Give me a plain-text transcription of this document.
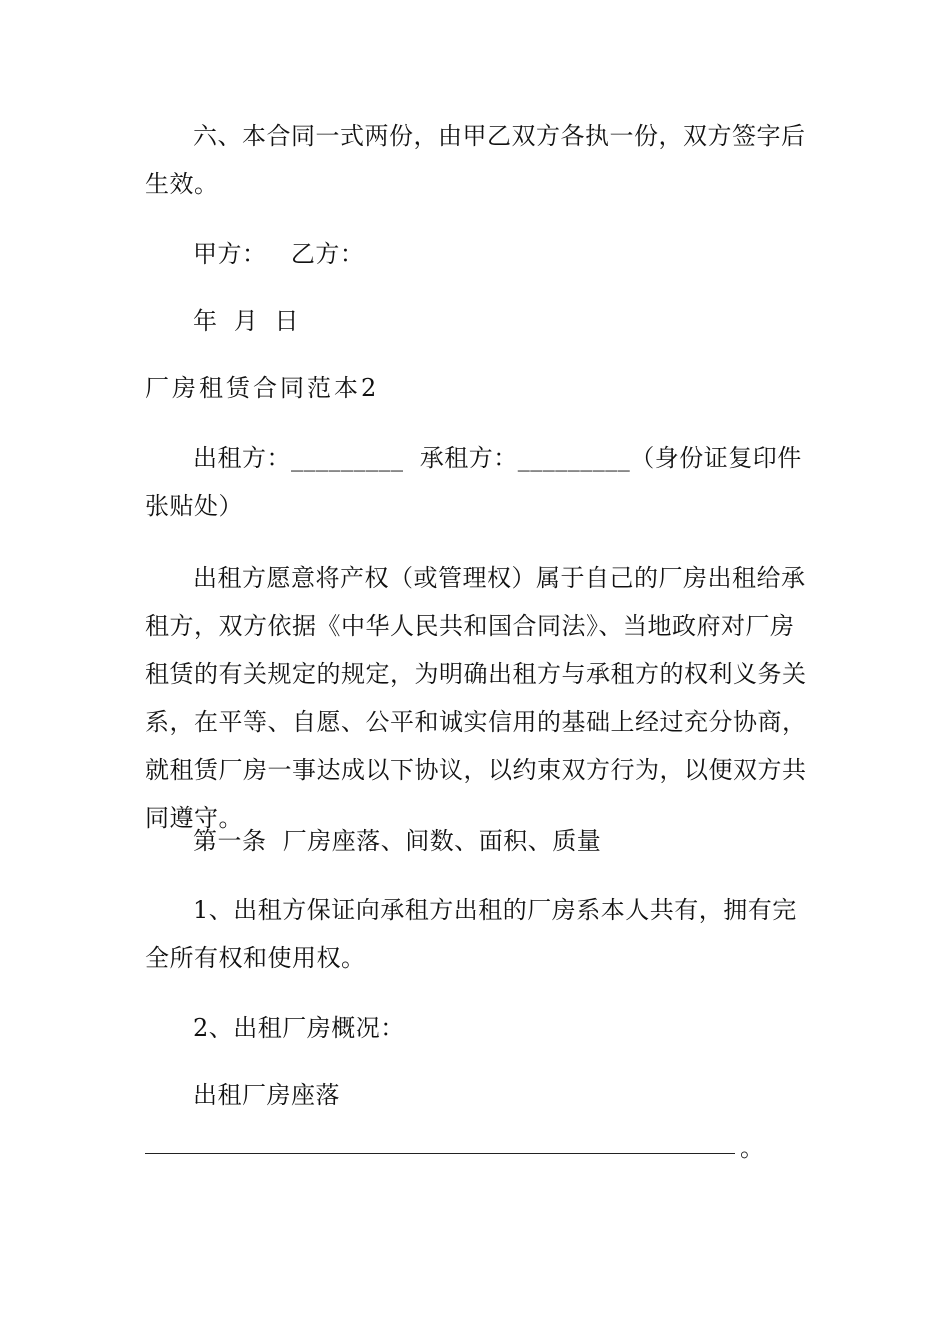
六、本合同一式两份，由甲乙双方各执一份，双方签字后生效。

甲方：   乙方：

年  月  日

厂房租赁合同范本2

出租方：_________  承租方：_________（身份证复印件张贴处）

出租方愿意将产权（或管理权）属于自己的厂房出租给承租方，双方依据《中华人民共和国合同法》、当地政府对厂房租赁的有关规定的规定，为明确出租方与承租方的权利义务关系，在平等、自愿、公平和诚实信用的基础上经过充分协商，就租赁厂房一事达成以下协议，以约束双方行为，以便双方共同遵守。

第一条  厂房座落、间数、面积、质量

1、出租方保证向承租方出租的厂房系本人共有，拥有完全所有权和使用权。

2、出租厂房概况：

出租厂房座落

。
